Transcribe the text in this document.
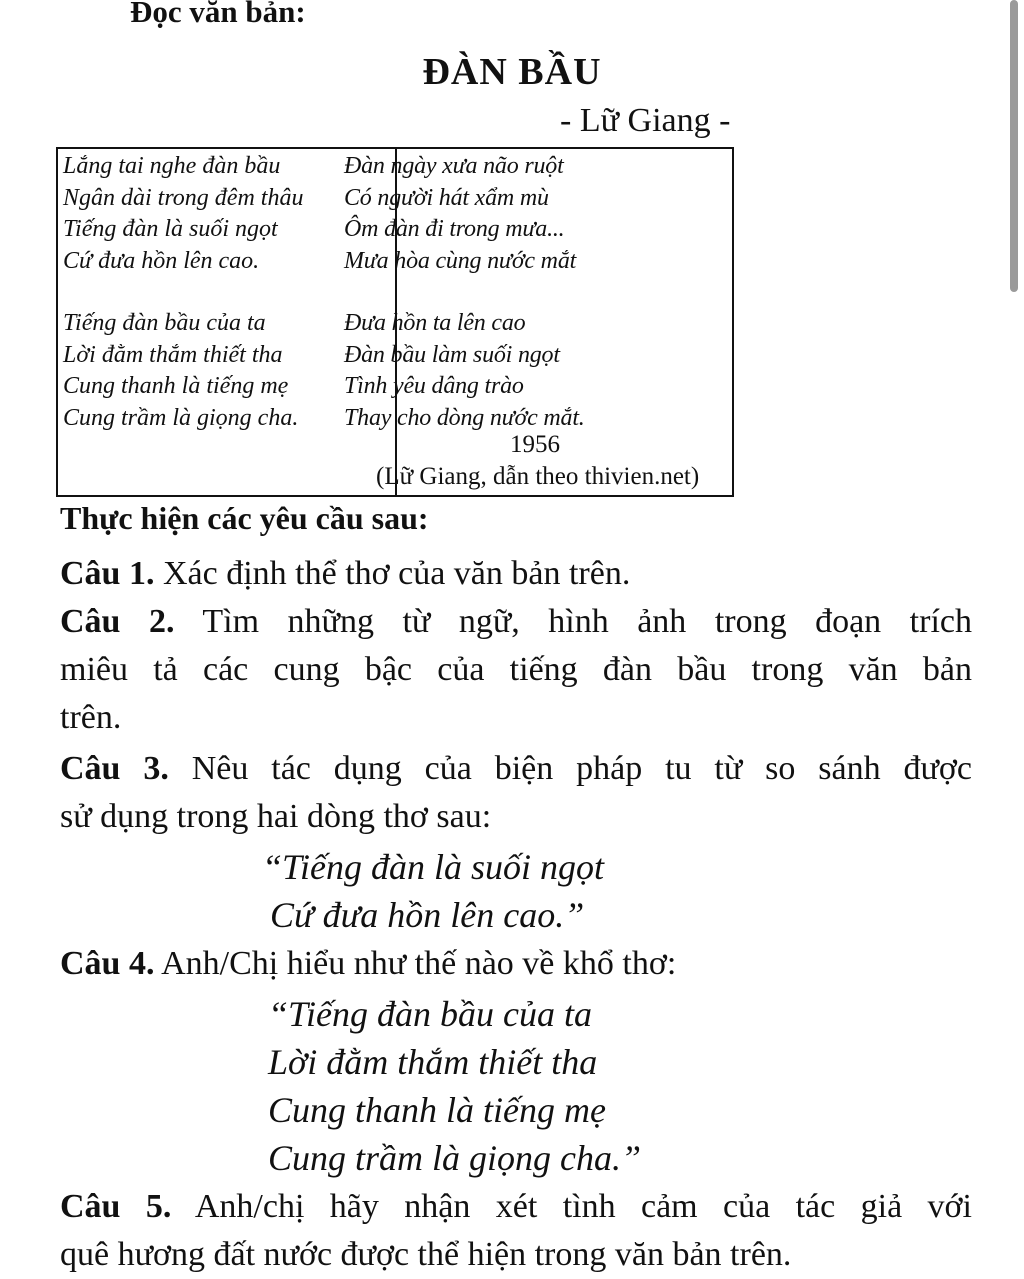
Đọc văn bản:
ĐÀN BẦU
- Lữ Giang -
Lắng tai nghe đàn bầu
Ngân dài trong đêm thâu
Tiếng đàn là suối ngọt
Cứ đưa hồn lên cao.
Tiếng đàn bầu của ta
Lời đằm thắm thiết tha
Cung thanh là tiếng mẹ
Cung trầm là giọng cha.
Đàn ngày xưa não ruột
Có người hát xẩm mù
Ôm đàn đi trong mưa...
Mưa hòa cùng nước mắt
Đưa hồn ta lên cao
Đàn bầu làm suối ngọt
Tình yêu dâng trào
Thay cho dòng nước mắt.
1956
(Lữ Giang, dẫn theo thivien.net)
Thực hiện các yêu cầu sau:
Câu 1. Xác định thể thơ của văn bản trên.
Câu 2. Tìm những từ ngữ, hình ảnh trong đoạn trích
miêu tả các cung bậc của tiếng đàn bầu trong văn bản
trên.
Câu 3. Nêu tác dụng của biện pháp tu từ so sánh được
sử dụng trong hai dòng thơ sau:
“Tiếng đàn là suối ngọt
Cứ đưa hồn lên cao.”
Câu 4. Anh/Chị hiểu như thế nào về khổ thơ:
“Tiếng đàn bầu của ta
Lời đằm thắm thiết tha
Cung thanh là tiếng mẹ
Cung trầm là giọng cha.”
Câu 5. Anh/chị hãy nhận xét tình cảm của tác giả với
quê hương đất nước được thể hiện trong văn bản trên.
